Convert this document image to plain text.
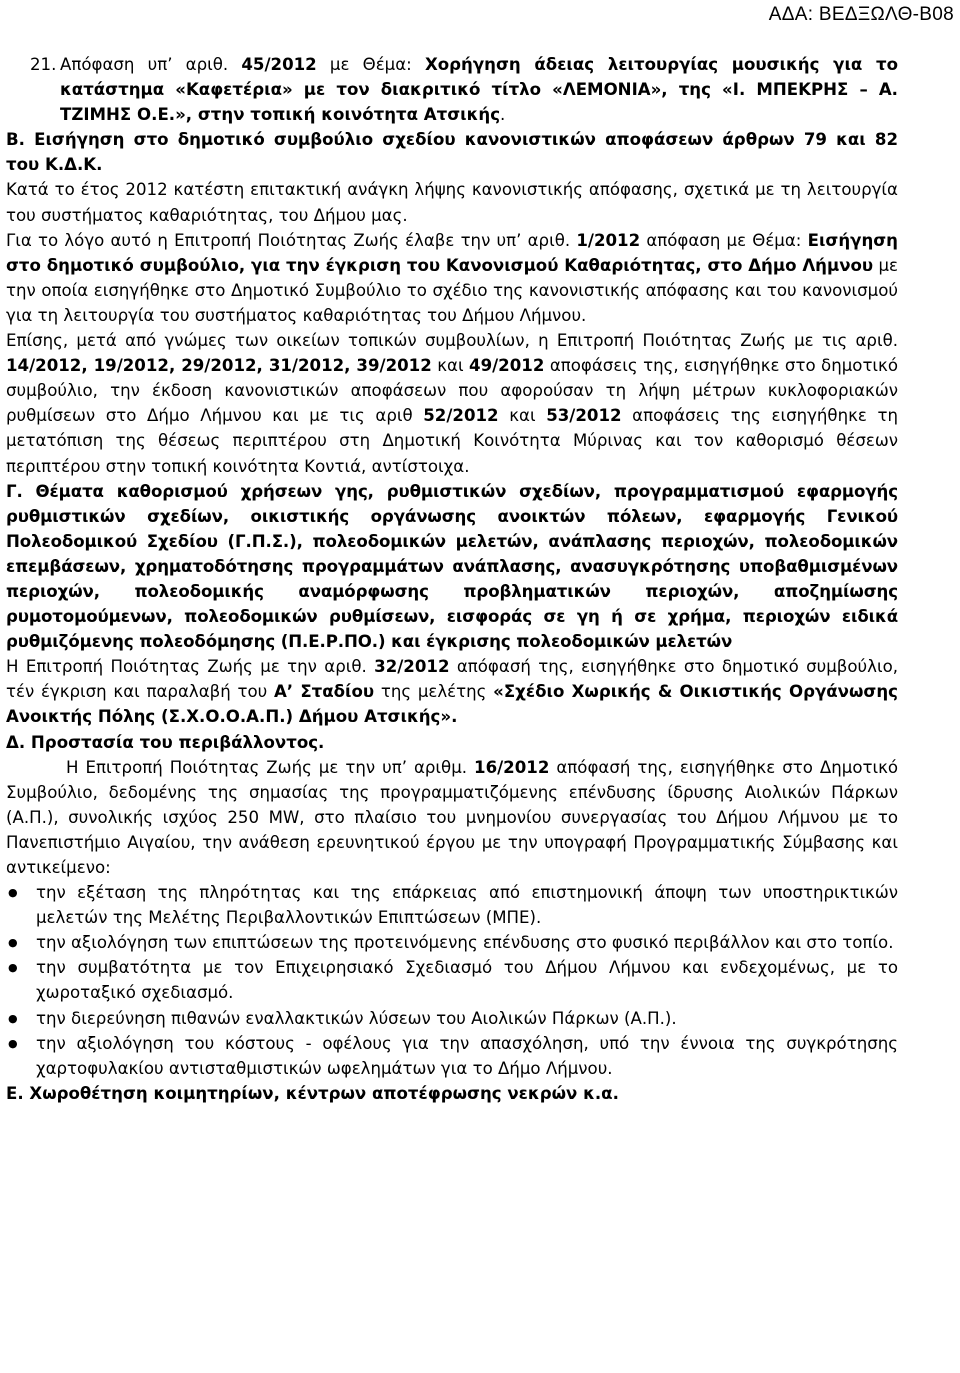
ΑΔΑ: ΒΕΔΞΩΛΘ-Β08

21. Απόφαση υπ’ αριθ. 45/2012 με Θέμα: Χορήγηση άδειας λειτουργίας μουσικής για το κατάστημα «Καφετέρια» με τον διακριτικό τίτλο «ΛΕΜΟΝΙΑ», της «Ι. ΜΠΕΚΡΗΣ – Α. ΤΖΙΜΗΣ Ο.Ε.», στην τοπική κοινότητα Ατσικής.

Β. Εισήγηση στο δημοτικό συμβούλιο σχεδίου κανονιστικών αποφάσεων άρθρων 79 και 82 του Κ.Δ.Κ.

Κατά το έτος 2012 κατέστη επιτακτική ανάγκη λήψης κανονιστικής απόφασης, σχετικά με τη λειτουργία του συστήματος καθαριότητας, του Δήμου μας.

Για το λόγο αυτό η Επιτροπή Ποιότητας Ζωής έλαβε την υπ’ αριθ. 1/2012 απόφαση με Θέμα: Εισήγηση στο δημοτικό συμβούλιο, για την έγκριση του Κανονισμού Καθαριότητας, στο Δήμο Λήμνου με την οποία εισηγήθηκε στο Δημοτικό Συμβούλιο το σχέδιο της κανονιστικής απόφασης και του κανονισμού για τη λειτουργία του συστήματος καθαριότητας του Δήμου Λήμνου.

Επίσης, μετά από γνώμες των οικείων τοπικών συμβουλίων, η Επιτροπή Ποιότητας Ζωής με τις αριθ. 14/2012, 19/2012, 29/2012, 31/2012, 39/2012 και 49/2012 αποφάσεις της, εισηγήθηκε στο δημοτικό συμβούλιο, την έκδοση κανονιστικών αποφάσεων που αφορούσαν τη λήψη μέτρων κυκλοφοριακών ρυθμίσεων στο Δήμο Λήμνου και με τις αριθ 52/2012 και 53/2012 αποφάσεις της εισηγήθηκε τη μετατόπιση της θέσεως περιπτέρου στη Δημοτική Κοινότητα Μύρινας και τον καθορισμό θέσεων περιπτέρου στην τοπική κοινότητα Κοντιά, αντίστοιχα.

Γ. Θέματα καθορισμού χρήσεων γης, ρυθμιστικών σχεδίων, προγραμματισμού εφαρμογής ρυθμιστικών σχεδίων, οικιστικής οργάνωσης ανοικτών πόλεων, εφαρμογής Γενικού Πολεοδομικού Σχεδίου (Γ.Π.Σ.), πολεοδομικών μελετών, ανάπλασης περιοχών, πολεοδομικών επεμβάσεων, χρηματοδότησης προγραμμάτων ανάπλασης, ανασυγκρότησης υποβαθμισμένων περιοχών, πολεοδομικής αναμόρφωσης προβληματικών περιοχών, αποζημίωσης ρυμοτομούμενων, πολεοδομικών ρυθμίσεων, εισφοράς σε γη ή σε χρήμα, περιοχών ειδικά ρυθμιζόμενης πολεοδόμησης (Π.Ε.Ρ.ΠΟ.) και έγκρισης πολεοδομικών μελετών

Η Επιτροπή Ποιότητας Ζωής με την αριθ. 32/2012 απόφασή της, εισηγήθηκε στο δημοτικό συμβούλιο, τέν έγκριση και παραλαβή του Α’ Σταδίου της μελέτης «Σχέδιο Χωρικής & Οικιστικής Οργάνωσης Ανοικτής Πόλης (Σ.Χ.Ο.Ο.Α.Π.) Δήμου Ατσικής».

Δ. Προστασία του περιβάλλοντος.

Η Επιτροπή Ποιότητας Ζωής με την υπ’ αριθμ. 16/2012 απόφασή της, εισηγήθηκε στο Δημοτικό Συμβούλιο, δεδομένης της σημασίας της προγραμματιζόμενης επένδυσης ίδρυσης Αιολικών Πάρκων (Α.Π.), συνολικής ισχύος 250 MW, στο πλαίσιο του μνημονίου συνεργασίας του Δήμου Λήμνου με το Πανεπιστήμιο Αιγαίου, την ανάθεση ερευνητικού έργου με την υπογραφή Προγραμματικής Σύμβασης και αντικείμενο:

● την εξέταση της πληρότητας και της επάρκειας από επιστημονική άποψη των υποστηρικτικών μελετών της Μελέτης Περιβαλλοντικών Επιπτώσεων (ΜΠΕ).
● την αξιολόγηση των επιπτώσεων της προτεινόμενης επένδυσης στο φυσικό περιβάλλον και στο τοπίο.
● την συμβατότητα με τον Επιχειρησιακό Σχεδιασμό του Δήμου Λήμνου και ενδεχομένως, με το χωροταξικό σχεδιασμό.
● την διερεύνηση πιθανών εναλλακτικών λύσεων του Αιολικών Πάρκων (Α.Π.).
● την αξιολόγηση του κόστους - οφέλους για την απασχόληση, υπό την έννοια της συγκρότησης χαρτοφυλακίου αντισταθμιστικών ωφελημάτων για το Δήμο Λήμνου.

Ε. Χωροθέτηση κοιμητηρίων, κέντρων αποτέφρωσης νεκρών κ.α.
